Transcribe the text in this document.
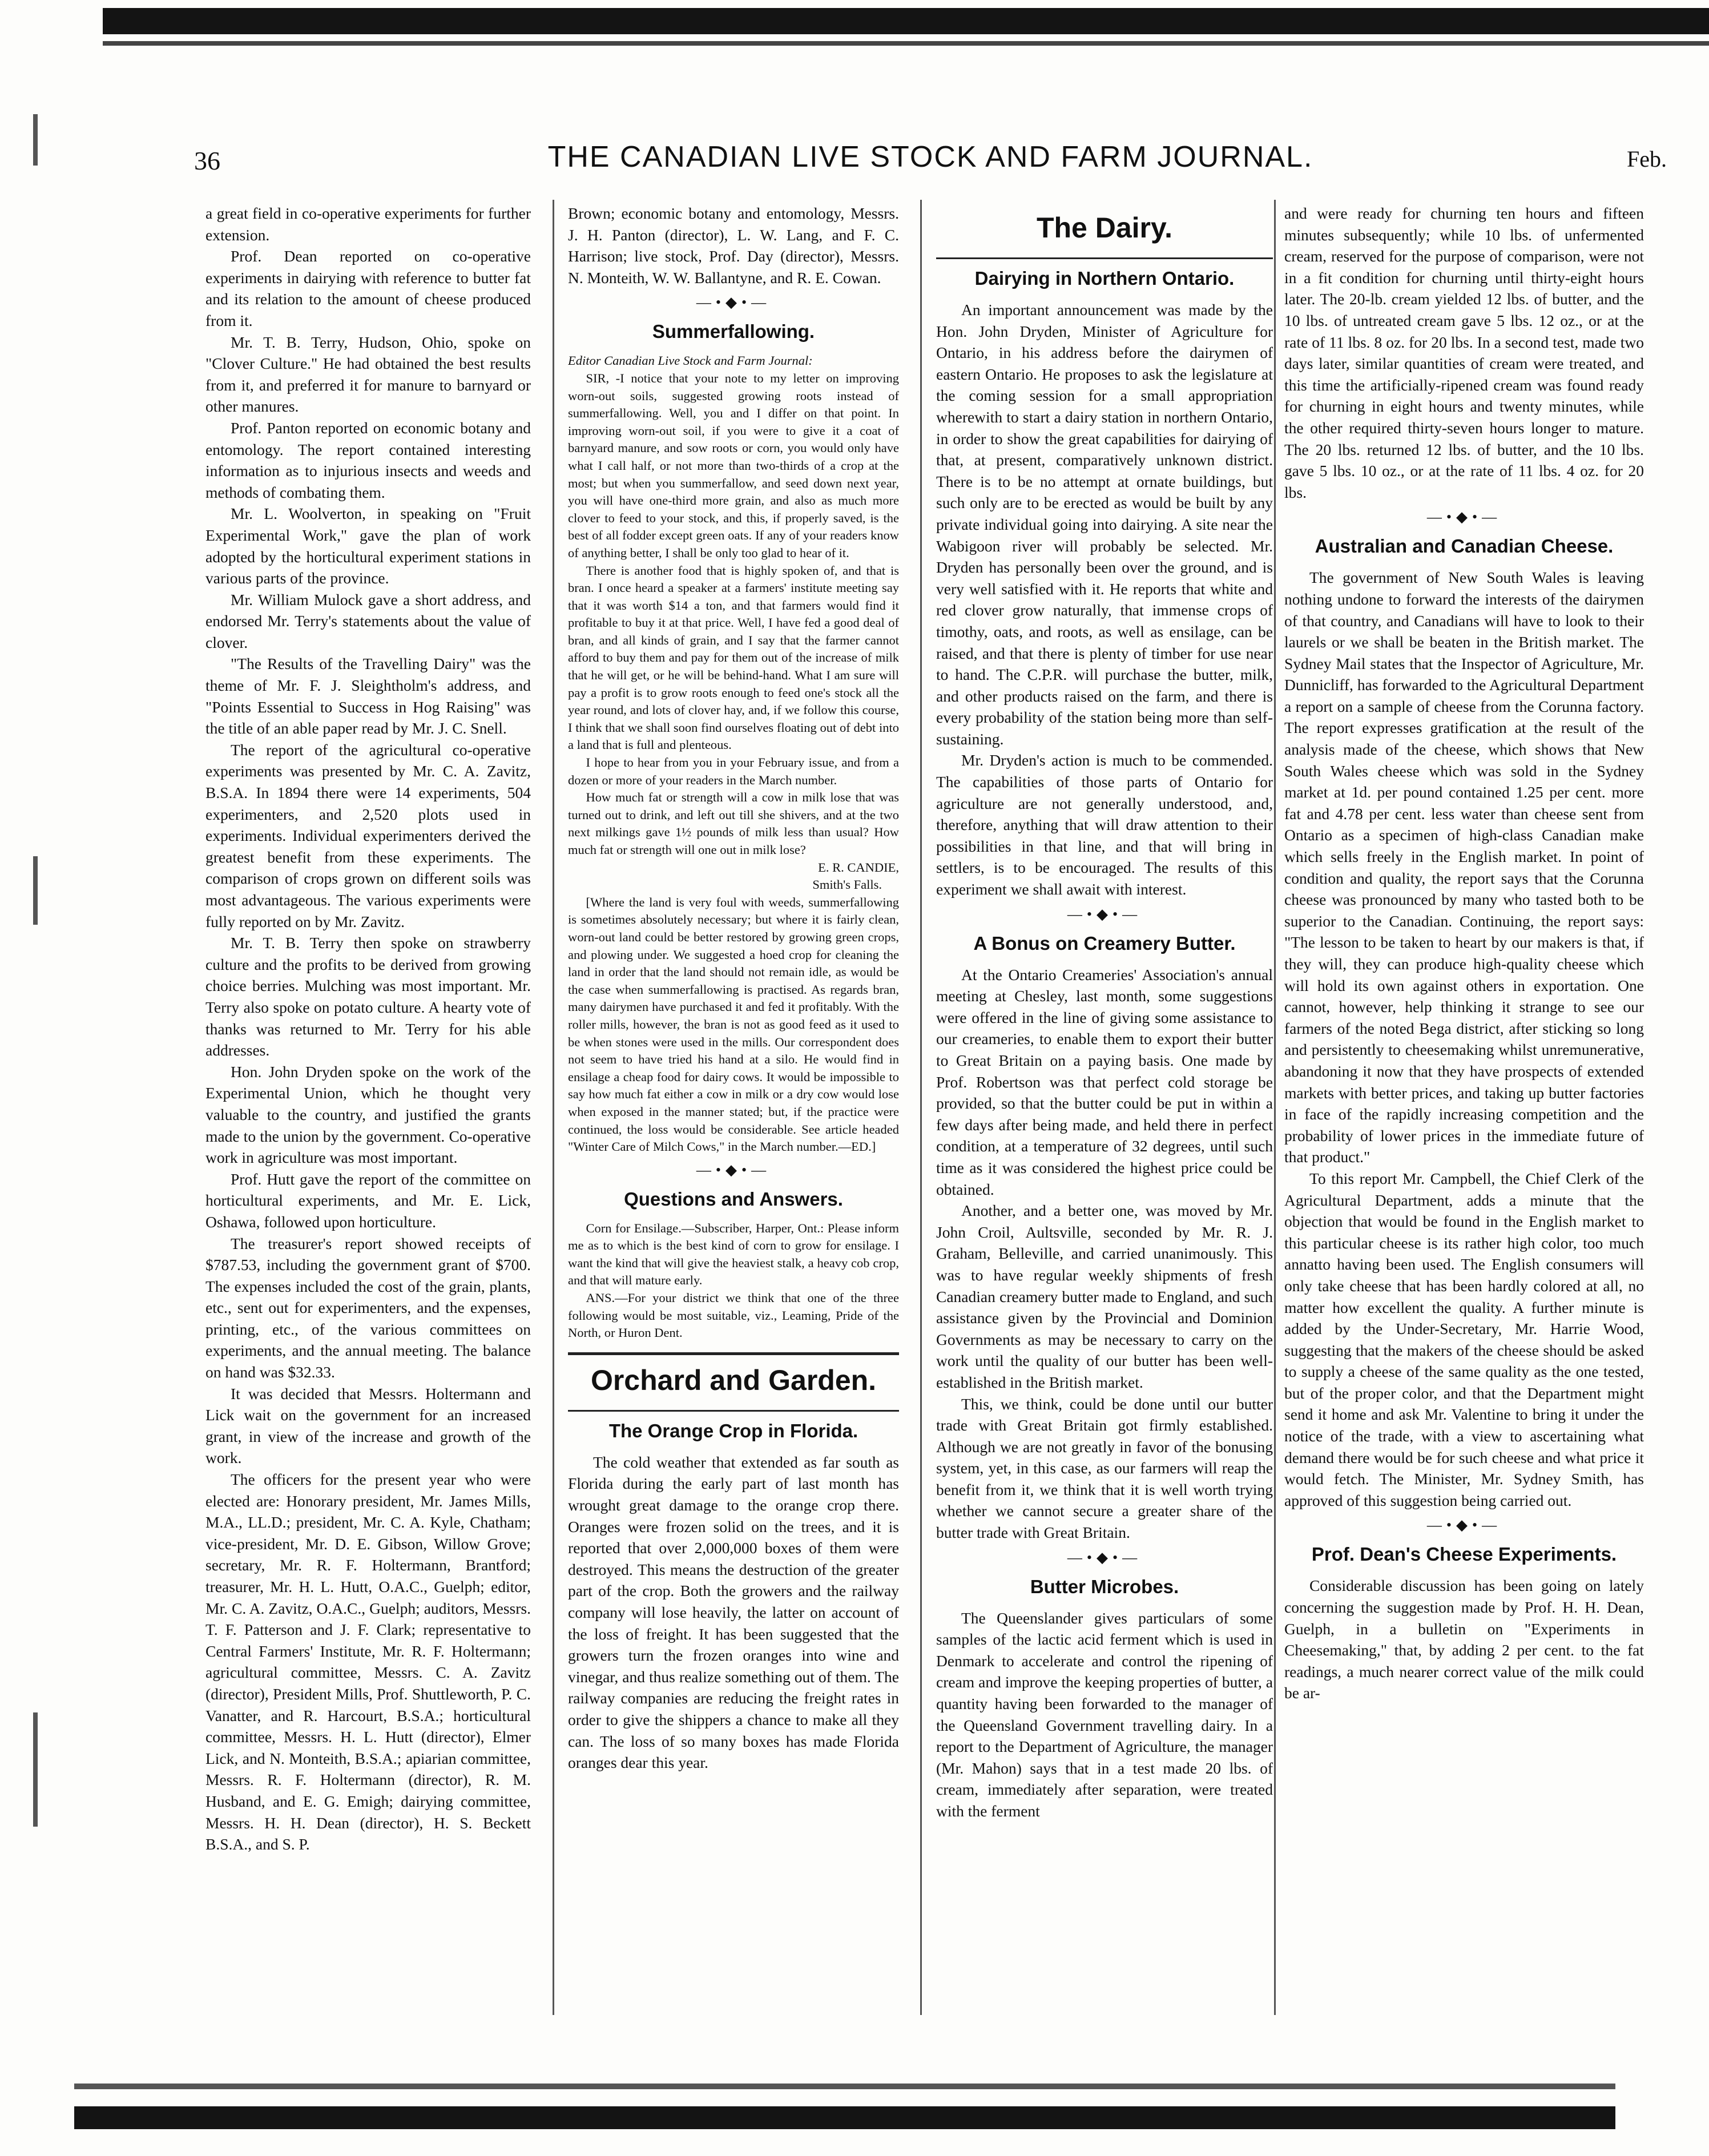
36	THE CANADIAN LIVE STOCK AND FARM JOURNAL.	Feb.

a great field in co-operative experiments for further extension.

Prof. Dean reported on co-operative experiments in dairying with reference to butter fat and its relation to the amount of cheese produced from it.

Mr. T. B. Terry, Hudson, Ohio, spoke on "Clover Culture." He had obtained the best results from it, and preferred it for manure to barnyard or other manures.

Prof. Panton reported on economic botany and entomology. The report contained interesting information as to injurious insects and weeds and methods of combating them.

Mr. L. Woolverton, in speaking on "Fruit Experimental Work," gave the plan of work adopted by the horticultural experiment stations in various parts of the province.

Mr. William Mulock gave a short address, and endorsed Mr. Terry's statements about the value of clover.

"The Results of the Travelling Dairy" was the theme of Mr. F. J. Sleightholm's address, and "Points Essential to Success in Hog Raising" was the title of an able paper read by Mr. J. C. Snell.

The report of the agricultural co-operative experiments was presented by Mr. C. A. Zavitz, B.S.A. In 1894 there were 14 experiments, 504 experimenters, and 2,520 plots used in experiments. Individual experimenters derived the greatest benefit from these experiments. The comparison of crops grown on different soils was most advantageous. The various experiments were fully reported on by Mr. Zavitz.

Mr. T. B. Terry then spoke on strawberry culture and the profits to be derived from growing choice berries. Mulching was most important. Mr. Terry also spoke on potato culture. A hearty vote of thanks was returned to Mr. Terry for his able addresses.

Hon. John Dryden spoke on the work of the Experimental Union, which he thought very valuable to the country, and justified the grants made to the union by the government. Co-operative work in agriculture was most important.

Prof. Hutt gave the report of the committee on horticultural experiments, and Mr. E. Lick, Oshawa, followed upon horticulture.

The treasurer's report showed receipts of $787.53, including the government grant of $700. The expenses included the cost of the grain, plants, etc., sent out for experimenters, and the expenses, printing, etc., of the various committees on experiments, and the annual meeting. The balance on hand was $32.33.

It was decided that Messrs. Holtermann and Lick wait on the government for an increased grant, in view of the increase and growth of the work.

The officers for the present year who were elected are: Honorary president, Mr. James Mills, M.A., LL.D.; president, Mr. C. A. Kyle, Chatham; vice-president, Mr. D. E. Gibson, Willow Grove; secretary, Mr. R. F. Holtermann, Brantford; treasurer, Mr. H. L. Hutt, O.A.C., Guelph; editor, Mr. C. A. Zavitz, O.A.C., Guelph; auditors, Messrs. T. F. Patterson and J. F. Clark; representative to Central Farmers' Institute, Mr. R. F. Holtermann; agricultural committee, Messrs. C. A. Zavitz (director), President Mills, Prof. Shuttleworth, P. C. Vanatter, and R. Harcourt, B.S.A.; horticultural committee, Messrs. H. L. Hutt (director), Elmer Lick, and N. Monteith, B.S.A.; apiarian committee, Messrs. R. F. Holtermann (director), R. M. Husband, and E. G. Emigh; dairying committee, Messrs. H. H. Dean (director), H. S. Beckett B.S.A., and S. P.

Brown; economic botany and entomology, Messrs. J. H. Panton (director), L. W. Lang, and F. C. Harrison; live stock, Prof. Day (director), Messrs. N. Monteith, W. W. Ballantyne, and R. E. Cowan.

—•◆•—
Summerfallowing.

Editor Canadian Live Stock and Farm Journal:

SIR, -I notice that your note to my letter on improving worn-out soils, suggested growing roots instead of summerfallowing. Well, you and I differ on that point. In improving worn-out soil, if you were to give it a coat of barnyard manure, and sow roots or corn, you would only have what I call half, or not more than two-thirds of a crop at the most; but when you summerfallow, and seed down next year, you will have one-third more grain, and also as much more clover to feed to your stock, and this, if properly saved, is the best of all fodder except green oats. If any of your readers know of anything better, I shall be only too glad to hear of it.

There is another food that is highly spoken of, and that is bran. I once heard a speaker at a farmers' institute meeting say that it was worth $14 a ton, and that farmers would find it profitable to buy it at that price. Well, I have fed a good deal of bran, and all kinds of grain, and I say that the farmer cannot afford to buy them and pay for them out of the increase of milk that he will get, or he will be behind-hand. What I am sure will pay a profit is to grow roots enough to feed one's stock all the year round, and lots of clover hay, and, if we follow this course, I think that we shall soon find ourselves floating out of debt into a land that is full and plenteous.

I hope to hear from you in your February issue, and from a dozen or more of your readers in the March number.

How much fat or strength will a cow in milk lose that was turned out to drink, and left out till she shivers, and at the two next milkings gave 1½ pounds of milk less than usual? How much fat or strength will one out in milk lose?

E. R. CANDIE,

Smith's Falls.

[Where the land is very foul with weeds, summerfallowing is sometimes absolutely necessary; but where it is fairly clean, worn-out land could be better restored by growing green crops, and plowing under. We suggested a hoed crop for cleaning the land in order that the land should not remain idle, as would be the case when summerfallowing is practised. As regards bran, many dairymen have purchased it and fed it profitably. With the roller mills, however, the bran is not as good feed as it used to be when stones were used in the mills. Our correspondent does not seem to have tried his hand at a silo. He would find in ensilage a cheap food for dairy cows. It would be impossible to say how much fat either a cow in milk or a dry cow would lose when exposed in the manner stated; but, if the practice were continued, the loss would be considerable. See article headed "Winter Care of Milch Cows," in the March number.—ED.]

—•◆•—
Questions and Answers.

Corn for Ensilage.—Subscriber, Harper, Ont.: Please inform me as to which is the best kind of corn to grow for ensilage. I want the kind that will give the heaviest stalk, a heavy cob crop, and that will mature early.

ANS.—For your district we think that one of the three following would be most suitable, viz., Leaming, Pride of the North, or Huron Dent.

Orchard and Garden.
The Orange Crop in Florida.

The cold weather that extended as far south as Florida during the early part of last month has wrought great damage to the orange crop there. Oranges were frozen solid on the trees, and it is reported that over 2,000,000 boxes of them were destroyed. This means the destruction of the greater part of the crop. Both the growers and the railway company will lose heavily, the latter on account of the loss of freight. It has been suggested that the growers turn the frozen oranges into wine and vinegar, and thus realize something out of them. The railway companies are reducing the freight rates in order to give the shippers a chance to make all they can. The loss of so many boxes has made Florida oranges dear this year.

The Dairy.
Dairying in Northern Ontario.

An important announcement was made by the Hon. John Dryden, Minister of Agriculture for Ontario, in his address before the dairymen of eastern Ontario. He proposes to ask the legislature at the coming session for a small appropriation wherewith to start a dairy station in northern Ontario, in order to show the great capabilities for dairying of that, at present, comparatively unknown district. There is to be no attempt at ornate buildings, but such only are to be erected as would be built by any private individual going into dairying. A site near the Wabigoon river will probably be selected. Mr. Dryden has personally been over the ground, and is very well satisfied with it. He reports that white and red clover grow naturally, that immense crops of timothy, oats, and roots, as well as ensilage, can be raised, and that there is plenty of timber for use near to hand. The C.P.R. will purchase the butter, milk, and other products raised on the farm, and there is every probability of the station being more than self-sustaining.

Mr. Dryden's action is much to be commended. The capabilities of those parts of Ontario for agriculture are not generally understood, and, therefore, anything that will draw attention to their possibilities in that line, and that will bring in settlers, is to be encouraged. The results of this experiment we shall await with interest.

—•◆•—
A Bonus on Creamery Butter.

At the Ontario Creameries' Association's annual meeting at Chesley, last month, some suggestions were offered in the line of giving some assistance to our creameries, to enable them to export their butter to Great Britain on a paying basis. One made by Prof. Robertson was that perfect cold storage be provided, so that the butter could be put in within a few days after being made, and held there in perfect condition, at a temperature of 32 degrees, until such time as it was considered the highest price could be obtained.

Another, and a better one, was moved by Mr. John Croil, Aultsville, seconded by Mr. R. J. Graham, Belleville, and carried unanimously. This was to have regular weekly shipments of fresh Canadian creamery butter made to England, and such assistance given by the Provincial and Dominion Governments as may be necessary to carry on the work until the quality of our butter has been well-established in the British market.

This, we think, could be done until our butter trade with Great Britain got firmly established. Although we are not greatly in favor of the bonusing system, yet, in this case, as our farmers will reap the benefit from it, we think that it is well worth trying whether we cannot secure a greater share of the butter trade with Great Britain.

—•◆•—
Butter Microbes.

The Queenslander gives particulars of some samples of the lactic acid ferment which is used in Denmark to accelerate and control the ripening of cream and improve the keeping properties of butter, a quantity having been forwarded to the manager of the Queensland Government travelling dairy. In a report to the Department of Agriculture, the manager (Mr. Mahon) says that in a test made 20 lbs. of cream, immediately after separation, were treated with the ferment

and were ready for churning ten hours and fifteen minutes subsequently; while 10 lbs. of unfermented cream, reserved for the purpose of comparison, were not in a fit condition for churning until thirty-eight hours later. The 20-lb. cream yielded 12 lbs. of butter, and the 10 lbs. of untreated cream gave 5 lbs. 12 oz., or at the rate of 11 lbs. 8 oz. for 20 lbs. In a second test, made two days later, similar quantities of cream were treated, and this time the artificially-ripened cream was found ready for churning in eight hours and twenty minutes, while the other required thirty-seven hours longer to mature. The 20 lbs. returned 12 lbs. of butter, and the 10 lbs. gave 5 lbs. 10 oz., or at the rate of 11 lbs. 4 oz. for 20 lbs.

—•◆•—
Australian and Canadian Cheese.

The government of New South Wales is leaving nothing undone to forward the interests of the dairymen of that country, and Canadians will have to look to their laurels or we shall be beaten in the British market. The Sydney Mail states that the Inspector of Agriculture, Mr. Dunnicliff, has forwarded to the Agricultural Department a report on a sample of cheese from the Corunna factory. The report expresses gratification at the result of the analysis made of the cheese, which shows that New South Wales cheese which was sold in the Sydney market at 1d. per pound contained 1.25 per cent. more fat and 4.78 per cent. less water than cheese sent from Ontario as a specimen of high-class Canadian make which sells freely in the English market. In point of condition and quality, the report says that the Corunna cheese was pronounced by many who tasted both to be superior to the Canadian. Continuing, the report says: "The lesson to be taken to heart by our makers is that, if they will, they can produce high-quality cheese which will hold its own against others in exportation. One cannot, however, help thinking it strange to see our farmers of the noted Bega district, after sticking so long and persistently to cheesemaking whilst unremunerative, abandoning it now that they have prospects of extended markets with better prices, and taking up butter factories in face of the rapidly increasing competition and the probability of lower prices in the immediate future of that product."

To this report Mr. Campbell, the Chief Clerk of the Agricultural Department, adds a minute that the objection that would be found in the English market to this particular cheese is its rather high color, too much annatto having been used. The English consumers will only take cheese that has been hardly colored at all, no matter how excellent the quality. A further minute is added by the Under-Secretary, Mr. Harrie Wood, suggesting that the makers of the cheese should be asked to supply a cheese of the same quality as the one tested, but of the proper color, and that the Department might send it home and ask Mr. Valentine to bring it under the notice of the trade, with a view to ascertaining what demand there would be for such cheese and what price it would fetch. The Minister, Mr. Sydney Smith, has approved of this suggestion being carried out.

—•◆•—
Prof. Dean's Cheese Experiments.

Considerable discussion has been going on lately concerning the suggestion made by Prof. H. H. Dean, Guelph, in a bulletin on "Experiments in Cheesemaking," that, by adding 2 per cent. to the fat readings, a much nearer correct value of the milk could be ar-
